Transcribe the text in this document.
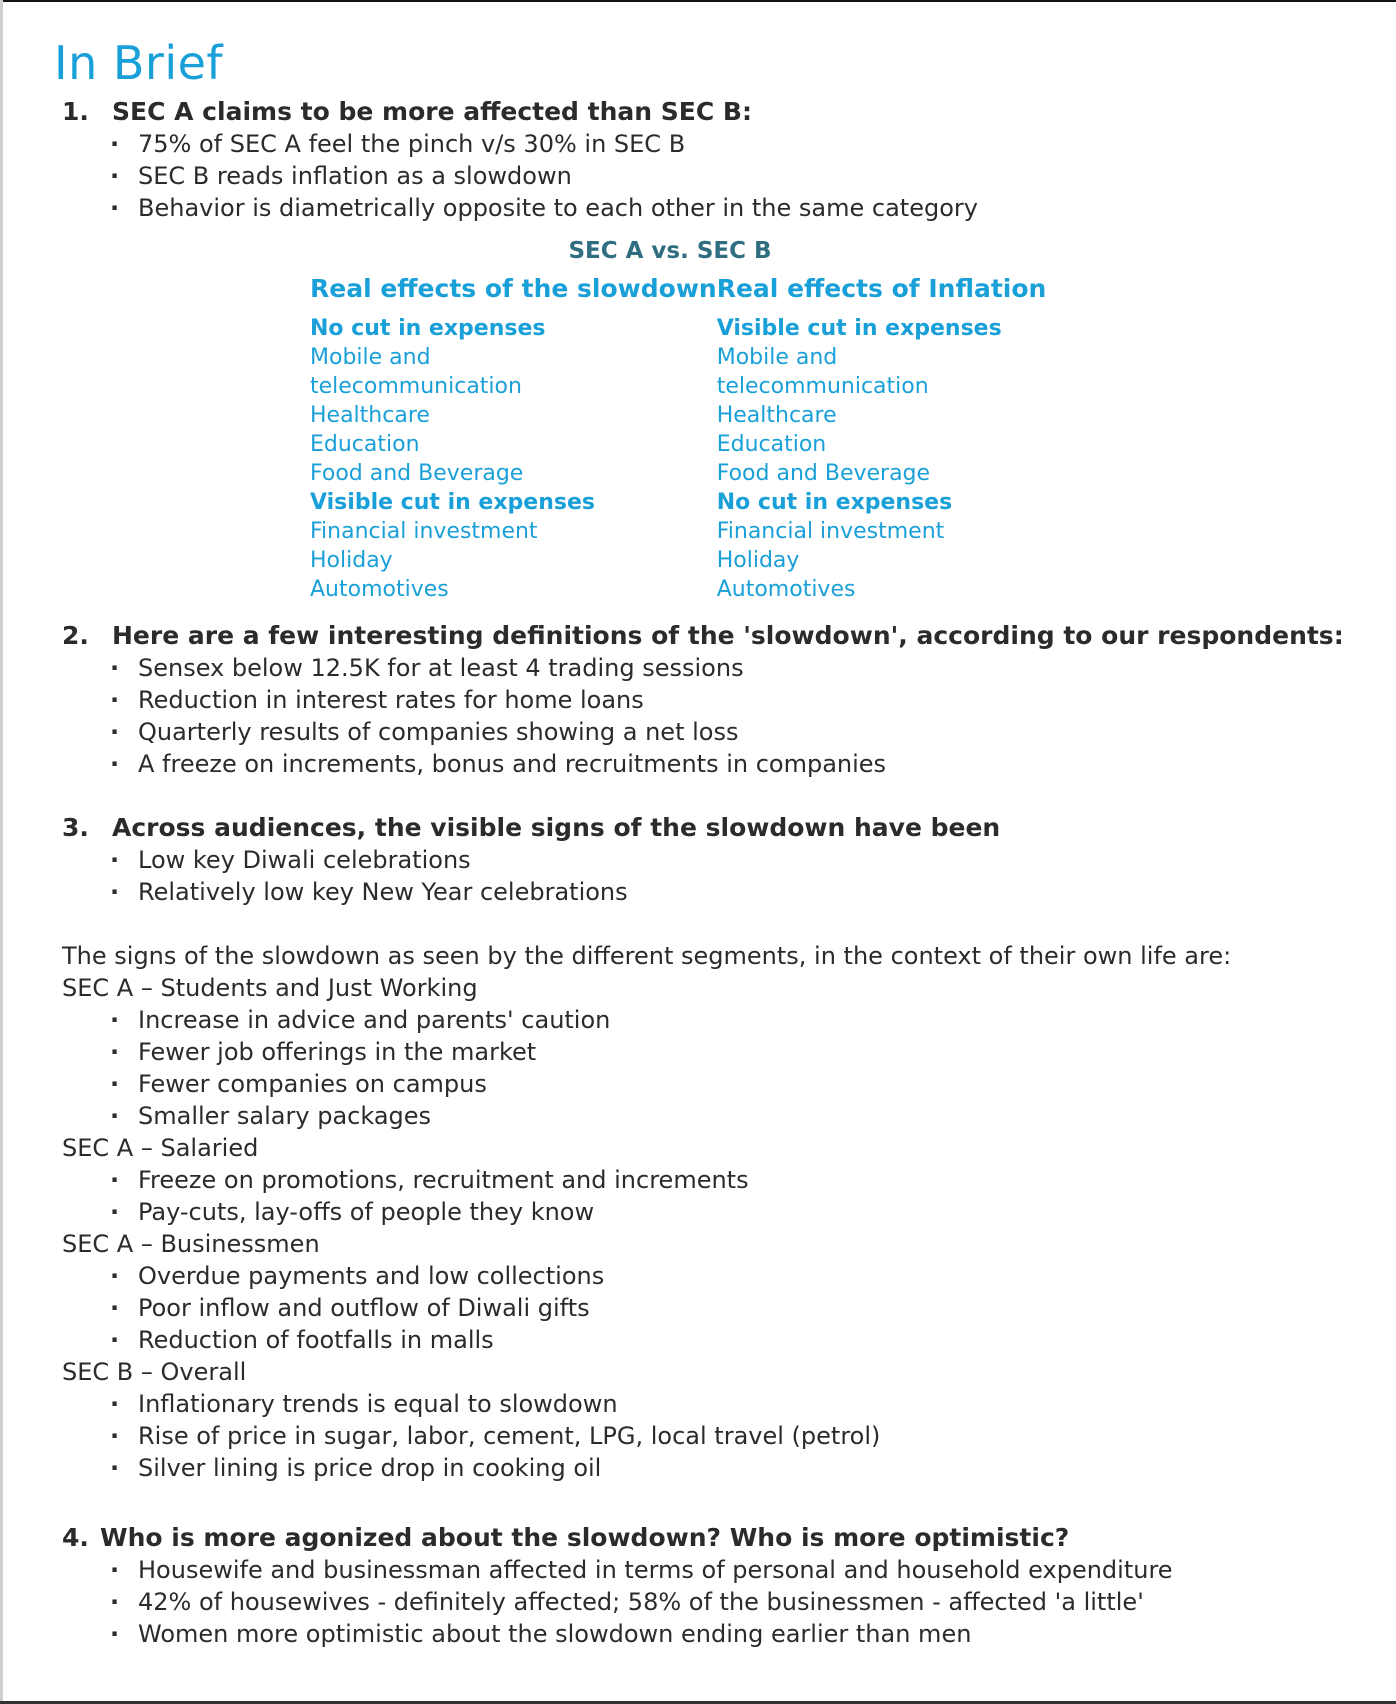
In Brief
1. SEC A claims to be more affected than SEC B:
· 75% of SEC A feel the pinch v/s 30% in SEC B
· SEC B reads inflation as a slowdown
· Behavior is diametrically opposite to each other in the same category
SEC A vs. SEC B
Real effects of the slowdown
No cut in expenses
Mobile and
telecommunication
Healthcare
Education
Food and Beverage
Visible cut in expenses
Financial investment
Holiday
Automotives
Real effects of Inflation
Visible cut in expenses
Mobile and
telecommunication
Healthcare
Education
Food and Beverage
No cut in expenses
Financial investment
Holiday
Automotives
2. Here are a few interesting definitions of the 'slowdown', according to our respondents:
· Sensex below 12.5K for at least 4 trading sessions
· Reduction in interest rates for home loans
· Quarterly results of companies showing a net loss
· A freeze on increments, bonus and recruitments in companies
3. Across audiences, the visible signs of the slowdown have been
· Low key Diwali celebrations
· Relatively low key New Year celebrations
The signs of the slowdown as seen by the different segments, in the context of their own life are:
SEC A – Students and Just Working
· Increase in advice and parents' caution
· Fewer job offerings in the market
· Fewer companies on campus
· Smaller salary packages
SEC A – Salaried
· Freeze on promotions, recruitment and increments
· Pay-cuts, lay-offs of people they know
SEC A – Businessmen
· Overdue payments and low collections
· Poor inflow and outflow of Diwali gifts
· Reduction of footfalls in malls
SEC B – Overall
· Inflationary trends is equal to slowdown
· Rise of price in sugar, labor, cement, LPG, local travel (petrol)
· Silver lining is price drop in cooking oil
4. Who is more agonized about the slowdown? Who is more optimistic?
· Housewife and businessman affected in terms of personal and household expenditure
· 42% of housewives - definitely affected; 58% of the businessmen - affected 'a little'
· Women more optimistic about the slowdown ending earlier than men
